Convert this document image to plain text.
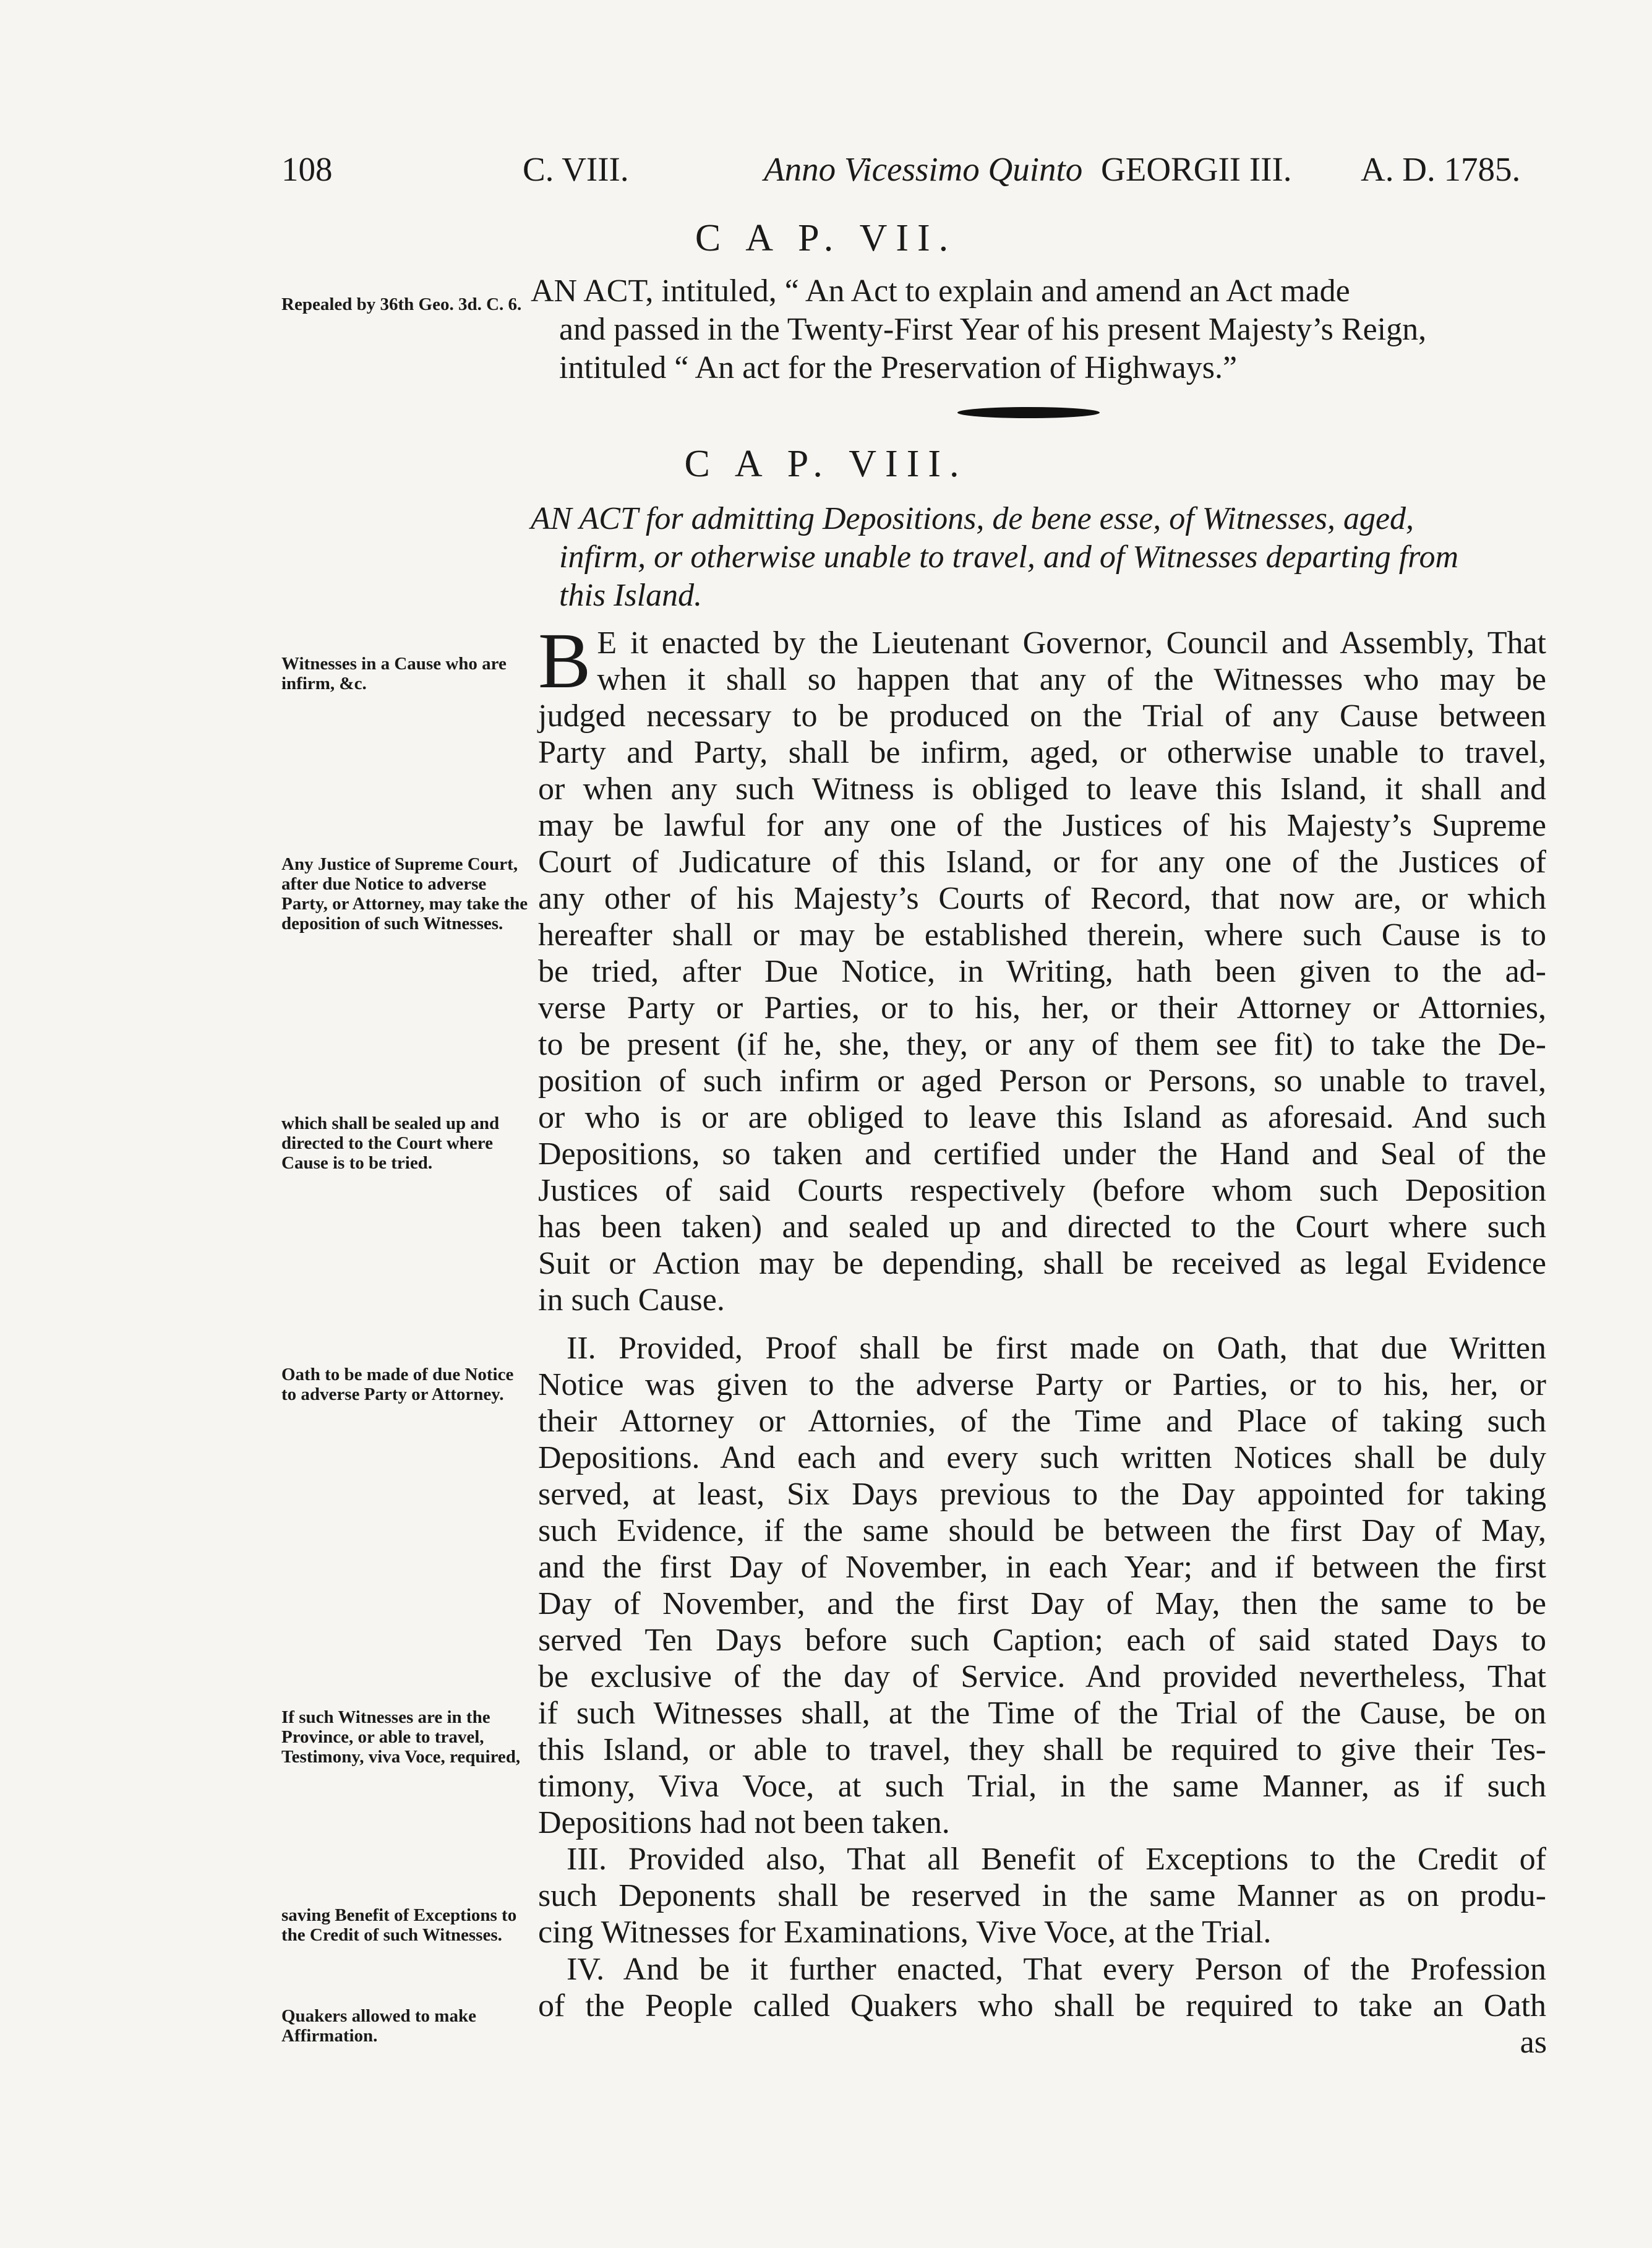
108	C. VIII.	Anno Vicessimo Quinto GEORGII III. A. D. 1785.
C A P. VII.
Repealed by 36th Geo. 3d. C. 6. AN ACT, intituled, “ An Act to explain and amend an Act made
and passed in the Twenty-First Year of his present Majesty’s Reign,
intituled “ An act for the Preservation of Highways.”
C A P. VIII.
AN ACT for admitting Depositions, de bene esse, of Witnesses, aged,
infirm, or otherwise unable to travel, and of Witnesses departing from
this Island.
Witnesses in a Cause who are infirm, &c.
Any Justice of Supreme Court, after due Notice to adverse Party, or Attorney, may take the deposition of such Witnesses.
which shall be sealed up and directed to the Court where Cause is to be tried.
Oath to be made of due Notice to adverse Party or Attorney.
If such Witnesses are in the Province, or able to travel, Testimony, viva Voce, required,
saving Benefit of Exceptions to the Credit of such Witnesses.
Quakers allowed to make Affirmation.
B E it enacted by the Lieutenant Governor, Council and Assembly, That
when it shall so happen that any of the Witnesses who may be
judged necessary to be produced on the Trial of any Cause between
Party and Party, shall be infirm, aged, or otherwise unable to travel,
or when any such Witness is obliged to leave this Island, it shall and
may be lawful for any one of the Justices of his Majesty’s Supreme
Court of Judicature of this Island, or for any one of the Justices of
any other of his Majesty’s Courts of Record, that now are, or which
hereafter shall or may be established therein, where such Cause is to
be tried, after Due Notice, in Writing, hath been given to the ad-
verse Party or Parties, or to his, her, or their Attorney or Attornies,
to be present (if he, she, they, or any of them see fit) to take the De-
position of such infirm or aged Person or Persons, so unable to travel,
or who is or are obliged to leave this Island as aforesaid. And such
Depositions, so taken and certified under the Hand and Seal of the
Justices of said Courts respectively (before whom such Deposition
has been taken) and sealed up and directed to the Court where such
Suit or Action may be depending, shall be received as legal Evidence
in such Cause.
II. Provided, Proof shall be first made on Oath, that due Written
Notice was given to the adverse Party or Parties, or to his, her, or
their Attorney or Attornies, of the Time and Place of taking such
Depositions. And each and every such written Notices shall be duly
served, at least, Six Days previous to the Day appointed for taking
such Evidence, if the same should be between the first Day of May,
and the first Day of November, in each Year; and if between the first
Day of November, and the first Day of May, then the same to be
served Ten Days before such Caption; each of said stated Days to
be exclusive of the day of Service. And provided nevertheless, That
if such Witnesses shall, at the Time of the Trial of the Cause, be on
this Island, or able to travel, they shall be required to give their Tes-
timony, Viva Voce, at such Trial, in the same Manner, as if such
Depositions had not been taken.
III. Provided also, That all Benefit of Exceptions to the Credit of
such Deponents shall be reserved in the same Manner as on produ-
cing Witnesses for Examinations, Vive Voce, at the Trial.
IV. And be it further enacted, That every Person of the Profession
of the People called Quakers who shall be required to take an Oath
as
